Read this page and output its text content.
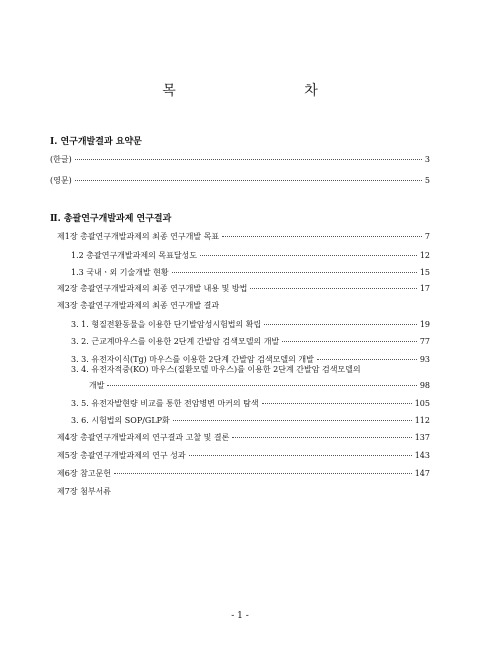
목 차
Ⅰ. 연구개발결과 요약문
(한글)	3
(영문)	5
Ⅱ. 총괄연구개발과제 연구결과
제1장 총괄연구개발과제의 최종 연구개발 목표	7
1.2 총괄연구개발과제의 목표달성도	12
1.3 국내ㆍ외 기술개발 현황	15
제2장 총괄연구개발과제의 최종 연구개발 내용 및 방법	17
제3장 총괄연구개발과제의 최종 연구개발 결과
3. 1. 형질전환동물을 이용한 단기발암성시험법의 확립	19
3. 2. 근교계마우스를 이용한 2단계 간발암 검색모델의 개발	77
3. 3. 유전자이식(Tg) 마우스를 이용한 2단계 간발암 검색모델의 개발	93
3. 4. 유전자적중(KO) 마우스(질환모델 마우스)를 이용한 2단계 간발암 검색모델의
개발	98
3. 5. 유전자발현량 비교를 통한 전암병변 마커의 탐색	105
3. 6. 시험법의 SOP/GLP화	112
제4장 총괄연구개발과제의 연구결과 고찰 및 결론	137
제5장 총괄연구개발과제의 연구 성과	143
제6장 참고문헌	147
제7장 첨부서류
- 1 -
